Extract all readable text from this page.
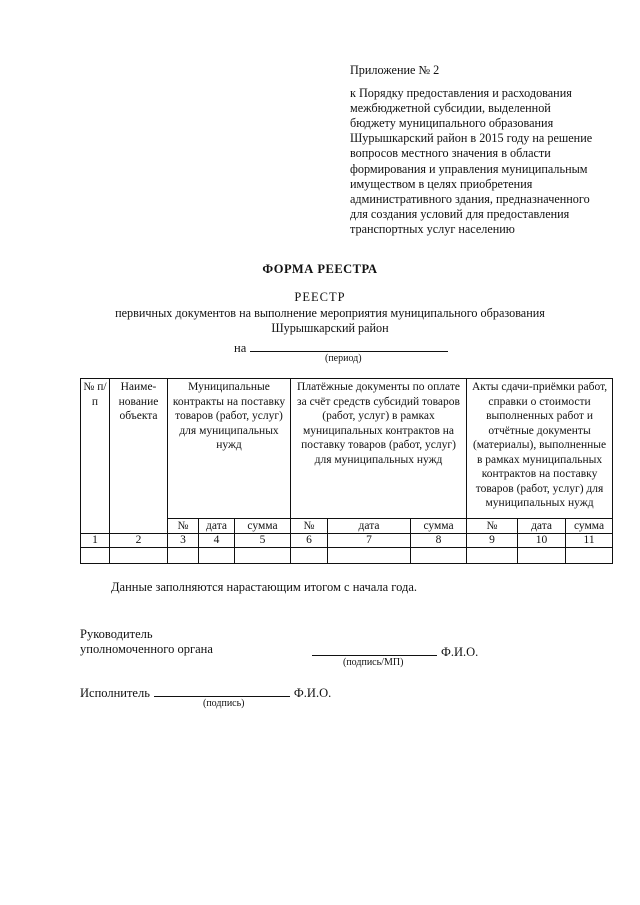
Приложение № 2
к Порядку предоставления и расходования
межбюджетной субсидии, выделенной
бюджету муниципального образования
Шурышкарский район в 2015 году на решение
вопросов местного значения в области
формирования и управления муниципальным
имуществом в целях приобретения
административного здания, предназначенного
для создания условий для предоставления
транспортных услуг населению
ФОРМА РЕЕСТРА
РЕЕСТР
первичных документов на выполнение мероприятия муниципального образования
Шурышкарский район
на
(период)
№ п/п	Наиме-нование объекта	Муниципальные контракты на поставку товаров (работ, услуг) для муниципальных нужд			Платёжные документы по оплате за счёт средств субсидий товаров (работ, услуг) в рамках муниципальных контрактов на поставку товаров (работ, услуг) для муниципальных нужд			Акты сдачи-приёмки работ, справки о стоимости выполненных работ и отчётные документы (материалы), выполненные в рамках муниципальных контрактов на поставку товаров (работ, услуг) для муниципальных нужд		
		№	дата	сумма	№	дата	сумма	№	дата	сумма
1	2	3	4	5	6	7	8	9	10	11

Данные заполняются нарастающим итогом с начала года.
Руководитель
уполномоченного органа	Ф.И.О.
(подпись/МП)
Исполнитель	Ф.И.О.
(подпись)
